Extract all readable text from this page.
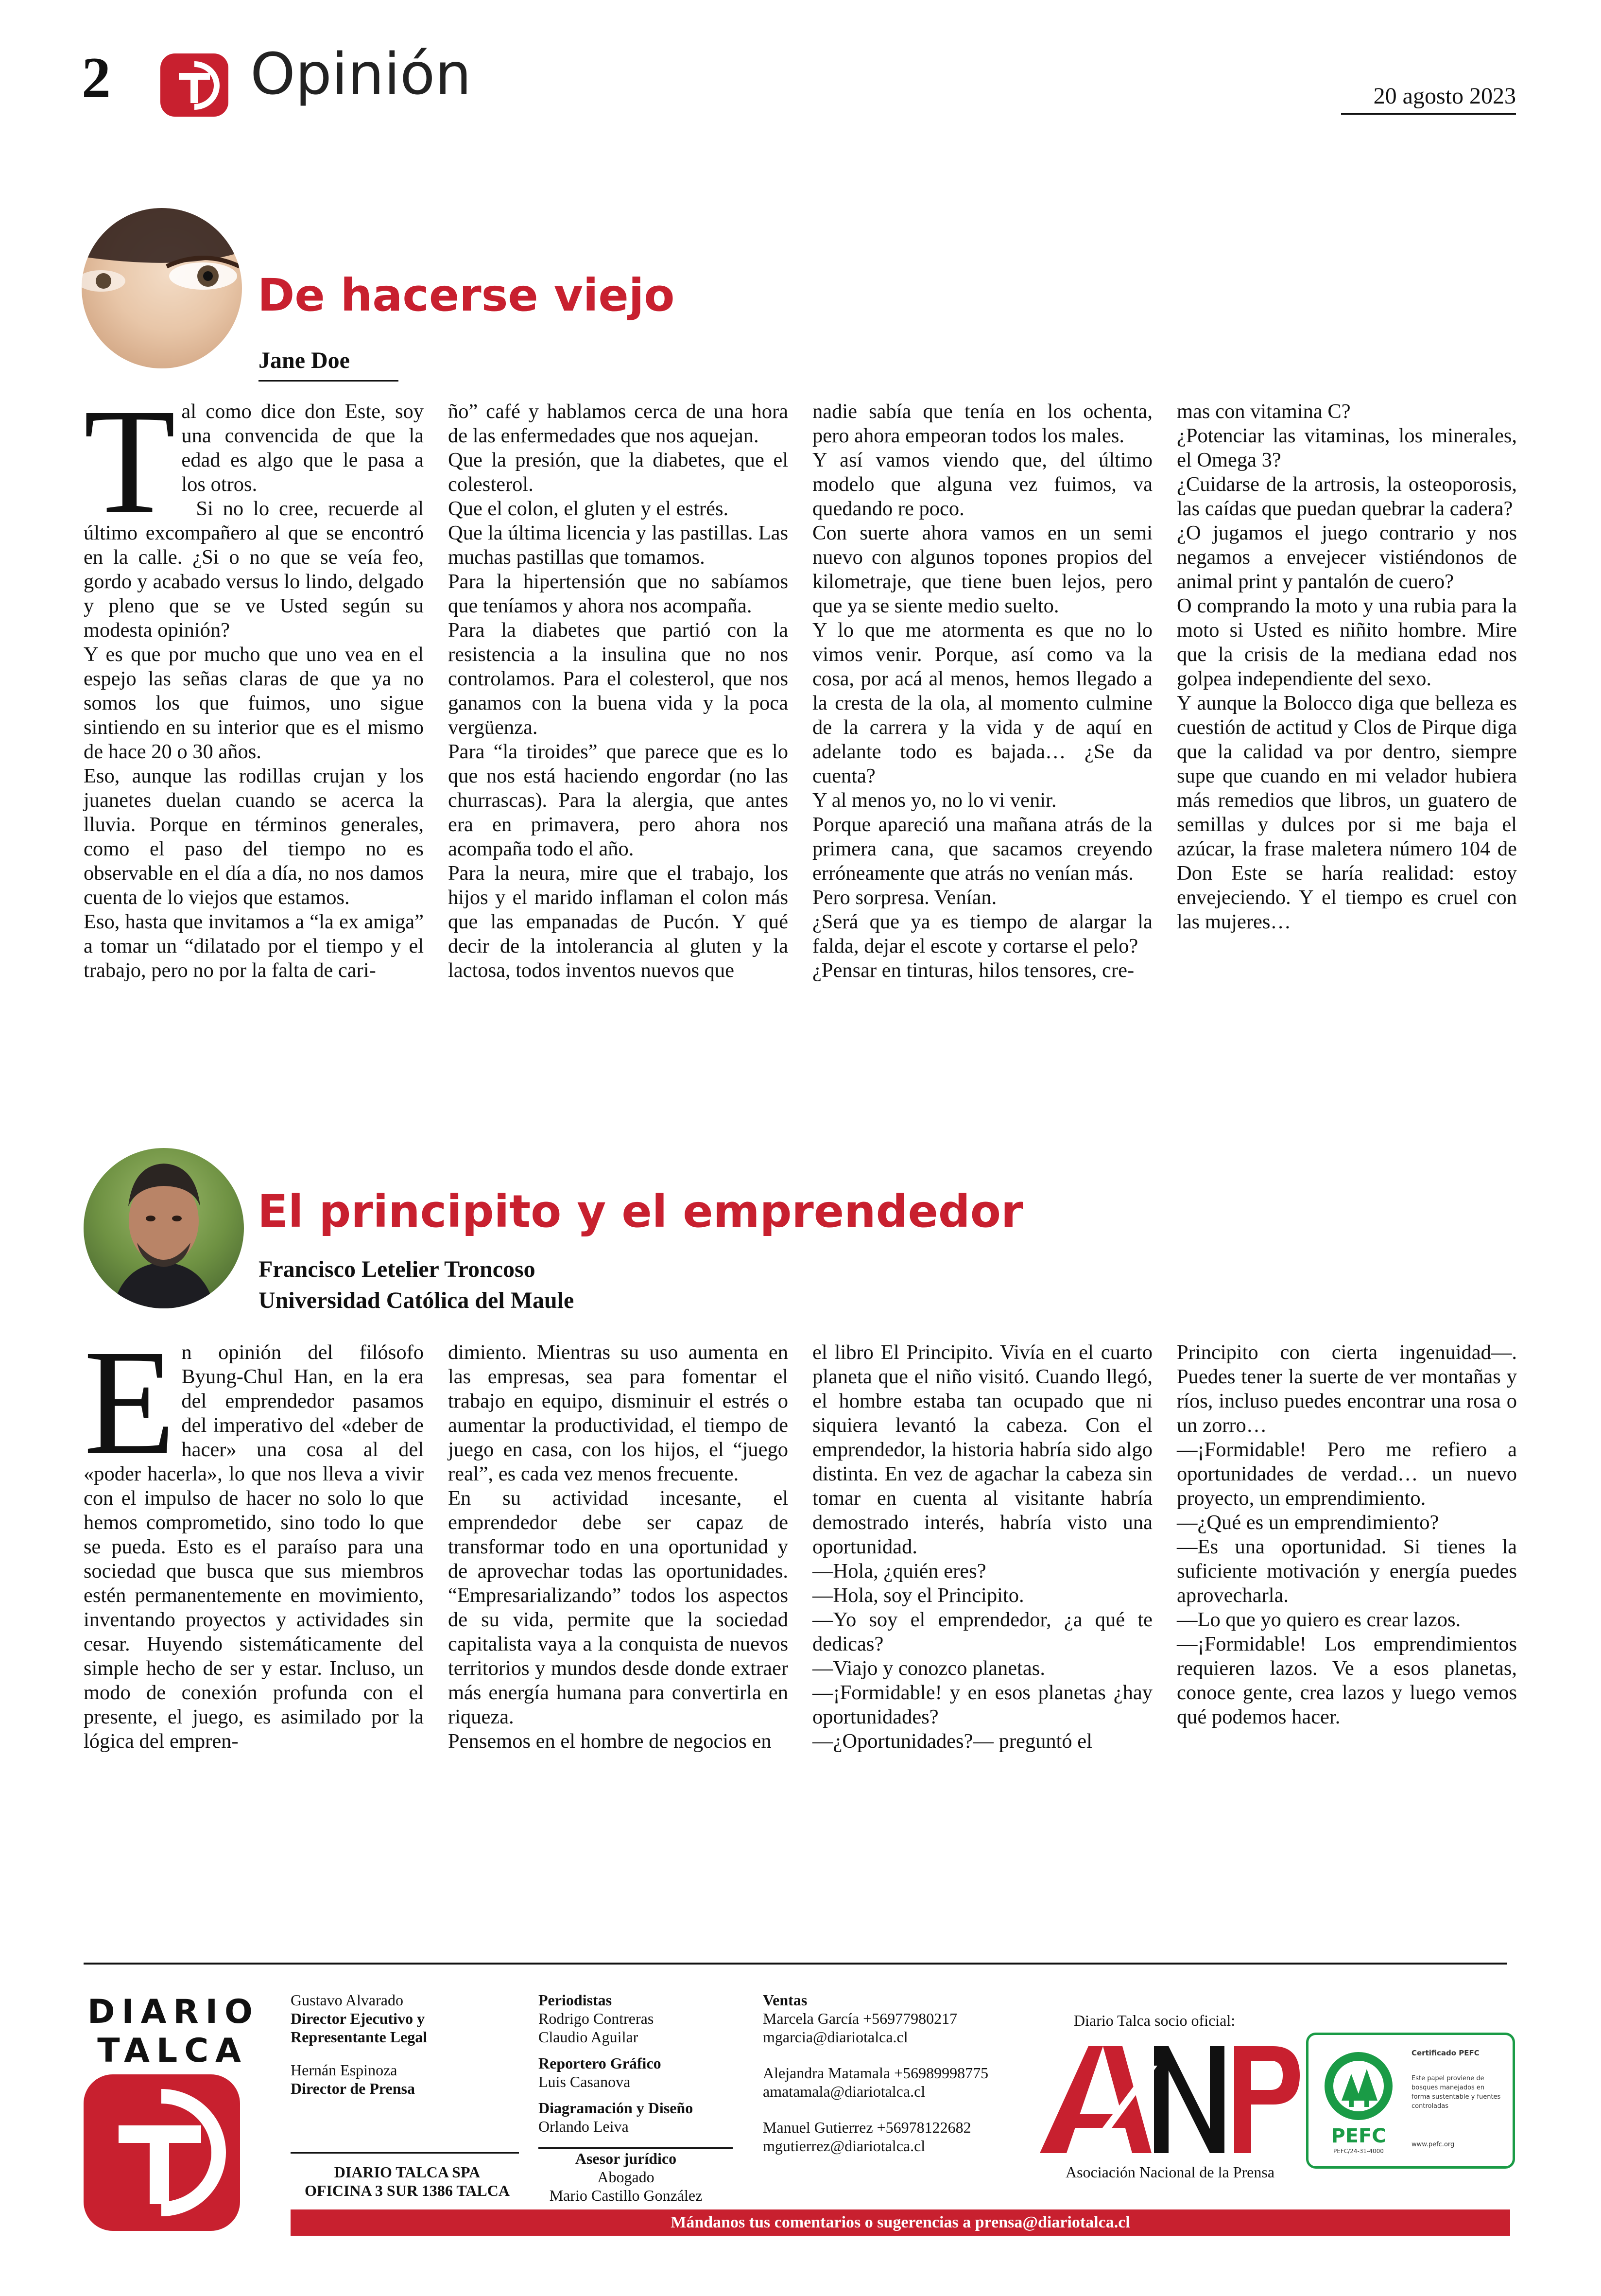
2 Opinión	20 agosto 2023
De hacerse viejo
Jane Doe
T al como dice don Este, soy una convencida de que la edad es algo que le pasa a los otros.

Si no lo cree, recuerde al último excompañero al que se encontró en la calle. ¿Si o no que se veía feo, gordo y acabado versus lo lindo, delgado y pleno que se ve Usted según su modesta opinión?

Y es que por mucho que uno vea en el espejo las señas claras de que ya no somos los que fuimos, uno sigue sintiendo en su interior que es el mismo de hace 20 o 30 años.

Eso, aunque las rodillas crujan y los juanetes duelan cuando se acerca la lluvia. Porque en términos generales, como el paso del tiempo no es observable en el día a día, no nos damos cuenta de lo viejos que estamos.

Eso, hasta que invitamos a “la ex amiga” a tomar un “dilatado por el tiempo y el trabajo, pero no por la falta de cari-

ño” café y hablamos cerca de una hora de las enfermedades que nos aquejan.

Que la presión, que la diabetes, que el colesterol.

Que el colon, el gluten y el estrés.

Que la última licencia y las pastillas. Las muchas pastillas que tomamos.

Para la hipertensión que no sabíamos que teníamos y ahora nos acompaña.

Para la diabetes que partió con la resistencia a la insulina que no nos controlamos. Para el colesterol, que nos ganamos con la buena vida y la poca vergüenza.

Para “la tiroides” que parece que es lo que nos está haciendo engordar (no las churrascas). Para la alergia, que antes era en primavera, pero ahora nos acompaña todo el año.

Para la neura, mire que el trabajo, los hijos y el marido inflaman el colon más que las empanadas de Pucón. Y qué decir de la intolerancia al gluten y la lactosa, todos inventos nuevos que

nadie sabía que tenía en los ochenta, pero ahora empeoran todos los males.

Y así vamos viendo que, del último modelo que alguna vez fuimos, va quedando re poco.

Con suerte ahora vamos en un semi nuevo con algunos topones propios del kilometraje, que tiene buen lejos, pero que ya se siente medio suelto.

Y lo que me atormenta es que no lo vimos venir. Porque, así como va la cosa, por acá al menos, hemos llegado a la cresta de la ola, al momento culmine de la carrera y la vida y de aquí en adelante todo es bajada… ¿Se da cuenta?

Y al menos yo, no lo vi venir.

Porque apareció una mañana atrás de la primera cana, que sacamos creyendo erróneamente que atrás no venían más.

Pero sorpresa. Venían.

¿Será que ya es tiempo de alargar la falda, dejar el escote y cortarse el pelo?

¿Pensar en tinturas, hilos tensores, cre-

mas con vitamina C?

¿Potenciar las vitaminas, los minerales, el Omega 3?

¿Cuidarse de la artrosis, la osteoporosis, las caídas que puedan quebrar la cadera?

¿O jugamos el juego contrario y nos negamos a envejecer vistiéndonos de animal print y pantalón de cuero?

O comprando la moto y una rubia para la moto si Usted es niñito hombre. Mire que la crisis de la mediana edad nos golpea independiente del sexo.

Y aunque la Bolocco diga que belleza es cuestión de actitud y Clos de Pirque diga que la calidad va por dentro, siempre supe que cuando en mi velador hubiera más remedios que libros, un guatero de semillas y dulces por si me baja el azúcar, la frase maletera número 104 de Don Este se haría realidad: estoy envejeciendo. Y el tiempo es cruel con las mujeres…

El principito y el emprendedor
Francisco Letelier Troncoso
Universidad Católica del Maule
E n opinión del filósofo Byung-Chul Han, en la era del emprendedor pasamos del imperativo del «deber de hacer» una cosa al del «poder hacerla», lo que nos lleva a vivir con el impulso de hacer no solo lo que hemos comprometido, sino todo lo que se pueda. Esto es el paraíso para una sociedad que busca que sus miembros estén permanentemente en movimiento, inventando proyectos y actividades sin cesar. Huyendo sistemáticamente del simple hecho de ser y estar. Incluso, un modo de conexión profunda con el presente, el juego, es asimilado por la lógica del empren-

dimiento. Mientras su uso aumenta en las empresas, sea para fomentar el trabajo en equipo, disminuir el estrés o aumentar la productividad, el tiempo de juego en casa, con los hijos, el “juego real”, es cada vez menos frecuente.

En su actividad incesante, el emprendedor debe ser capaz de transformar todo en una oportunidad y de aprovechar todas las oportunidades. “Empresarializando” todos los aspectos de su vida, permite que la sociedad capitalista vaya a la conquista de nuevos territorios y mundos desde donde extraer más energía humana para convertirla en riqueza.

Pensemos en el hombre de negocios en

el libro El Principito. Vivía en el cuarto planeta que el niño visitó. Cuando llegó, el hombre estaba tan ocupado que ni siquiera levantó la cabeza. Con el emprendedor, la historia habría sido algo distinta. En vez de agachar la cabeza sin tomar en cuenta al visitante habría demostrado interés, habría visto una oportunidad.

—Hola, ¿quién eres?

—Hola, soy el Principito.

—Yo soy el emprendedor, ¿a qué te dedicas?

—Viajo y conozco planetas.

—¡Formidable! y en esos planetas ¿hay oportunidades?

—¿Oportunidades?— preguntó el

Principito con cierta ingenuidad—. Puedes tener la suerte de ver montañas y ríos, incluso puedes encontrar una rosa o un zorro…

—¡Formidable! Pero me refiero a oportunidades de verdad… un nuevo proyecto, un emprendimiento.

—¿Qué es un emprendimiento?

—Es una oportunidad. Si tienes la suficiente motivación y energía puedes aprovecharla.

—Lo que yo quiero es crear lazos.

—¡Formidable! Los emprendimientos requieren lazos. Ve a esos planetas, conoce gente, crea lazos y luego vemos qué podemos hacer.

DIARIO
TALCA
Gustavo Alvarado
Director Ejecutivo y Representante Legal
Hernán Espinoza
Director de Prensa
DIARIO TALCA SPA
OFICINA 3 SUR 1386 TALCA
Periodistas
Rodrigo Contreras
Claudio Aguilar
Reportero Gráfico
Luis Casanova
Diagramación y Diseño
Orlando Leiva
Asesor jurídico
Abogado
Mario Castillo González
Ventas
Marcela García +56977980217
mgarcia@diariotalca.cl
Alejandra Matamala +56989998775
amatamala@diariotalca.cl
Manuel Gutierrez +56978122682
mgutierrez@diariotalca.cl
Diario Talca socio oficial:
Asociación Nacional de la Prensa
PEFC
PEFC/24-31-4000
Certificado PEFC
Este papel proviene de bosques manejados en forma sustentable y fuentes controladas
www.pefc.org
Mándanos tus comentarios o sugerencias a prensa@diariotalca.cl
